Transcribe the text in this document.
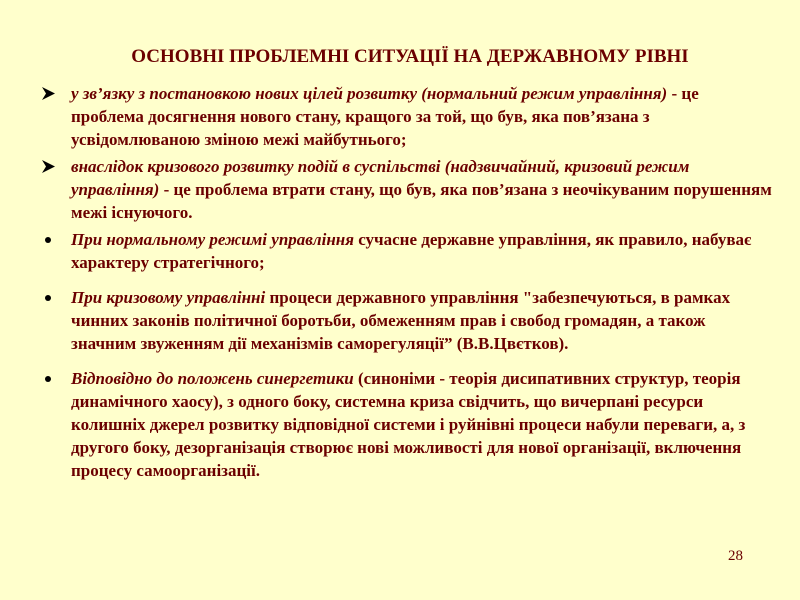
ОСНОВНІ ПРОБЛЕМНІ СИТУАЦІЇ НА ДЕРЖАВНОМУ РІВНІ
у зв’язку з постановкою нових цілей розвитку (нормальний режим управління) - це проблема досягнення нового стану, кращого за той, що був, яка пов’язана з усвідомлюваною зміною межі майбутнього;
внаслідок кризового розвитку подій в суспільстві (надзвичайний, кризовий режим управління) - це проблема втрати стану, що був, яка пов’язана з неочікуваним порушенням межі існуючого.
При нормальному режимі управління сучасне державне управління, як правило, набуває характеру стратегічного;
При кризовому управлінні процеси державного управління "забезпечуються, в рамках чинних законів політичної боротьби, обмеженням прав і свобод громадян, а також значним звуженням дії механізмів саморегуляції” (В.В.Цвєтков).
Відповідно до положень синергетики (синоніми - теорія дисипативних структур, теорія динамічного хаосу), з одного боку, системна криза свідчить, що вичерпані ресурси колишніх джерел розвитку відповідної системи і руйнівні процеси набули переваги, а, з другого боку, дезорганізація створює нові можливості для нової організації, включення процесу самоорганізації.
28
